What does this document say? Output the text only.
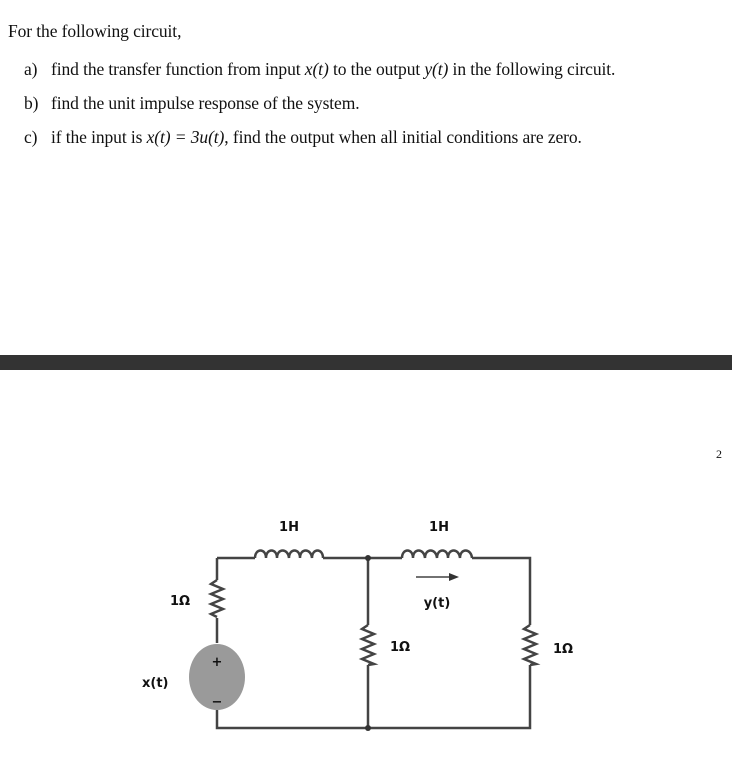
For the following circuit,
a) find the transfer function from input x(t) to the output y(t) in the following circuit.
b) find the unit impulse response of the system.
c) if the input is x(t) = 3u(t), find the output when all initial conditions are zero.
2
+
−
1H	1H
1Ω
1Ω	1Ω
y(t)
x(t)
